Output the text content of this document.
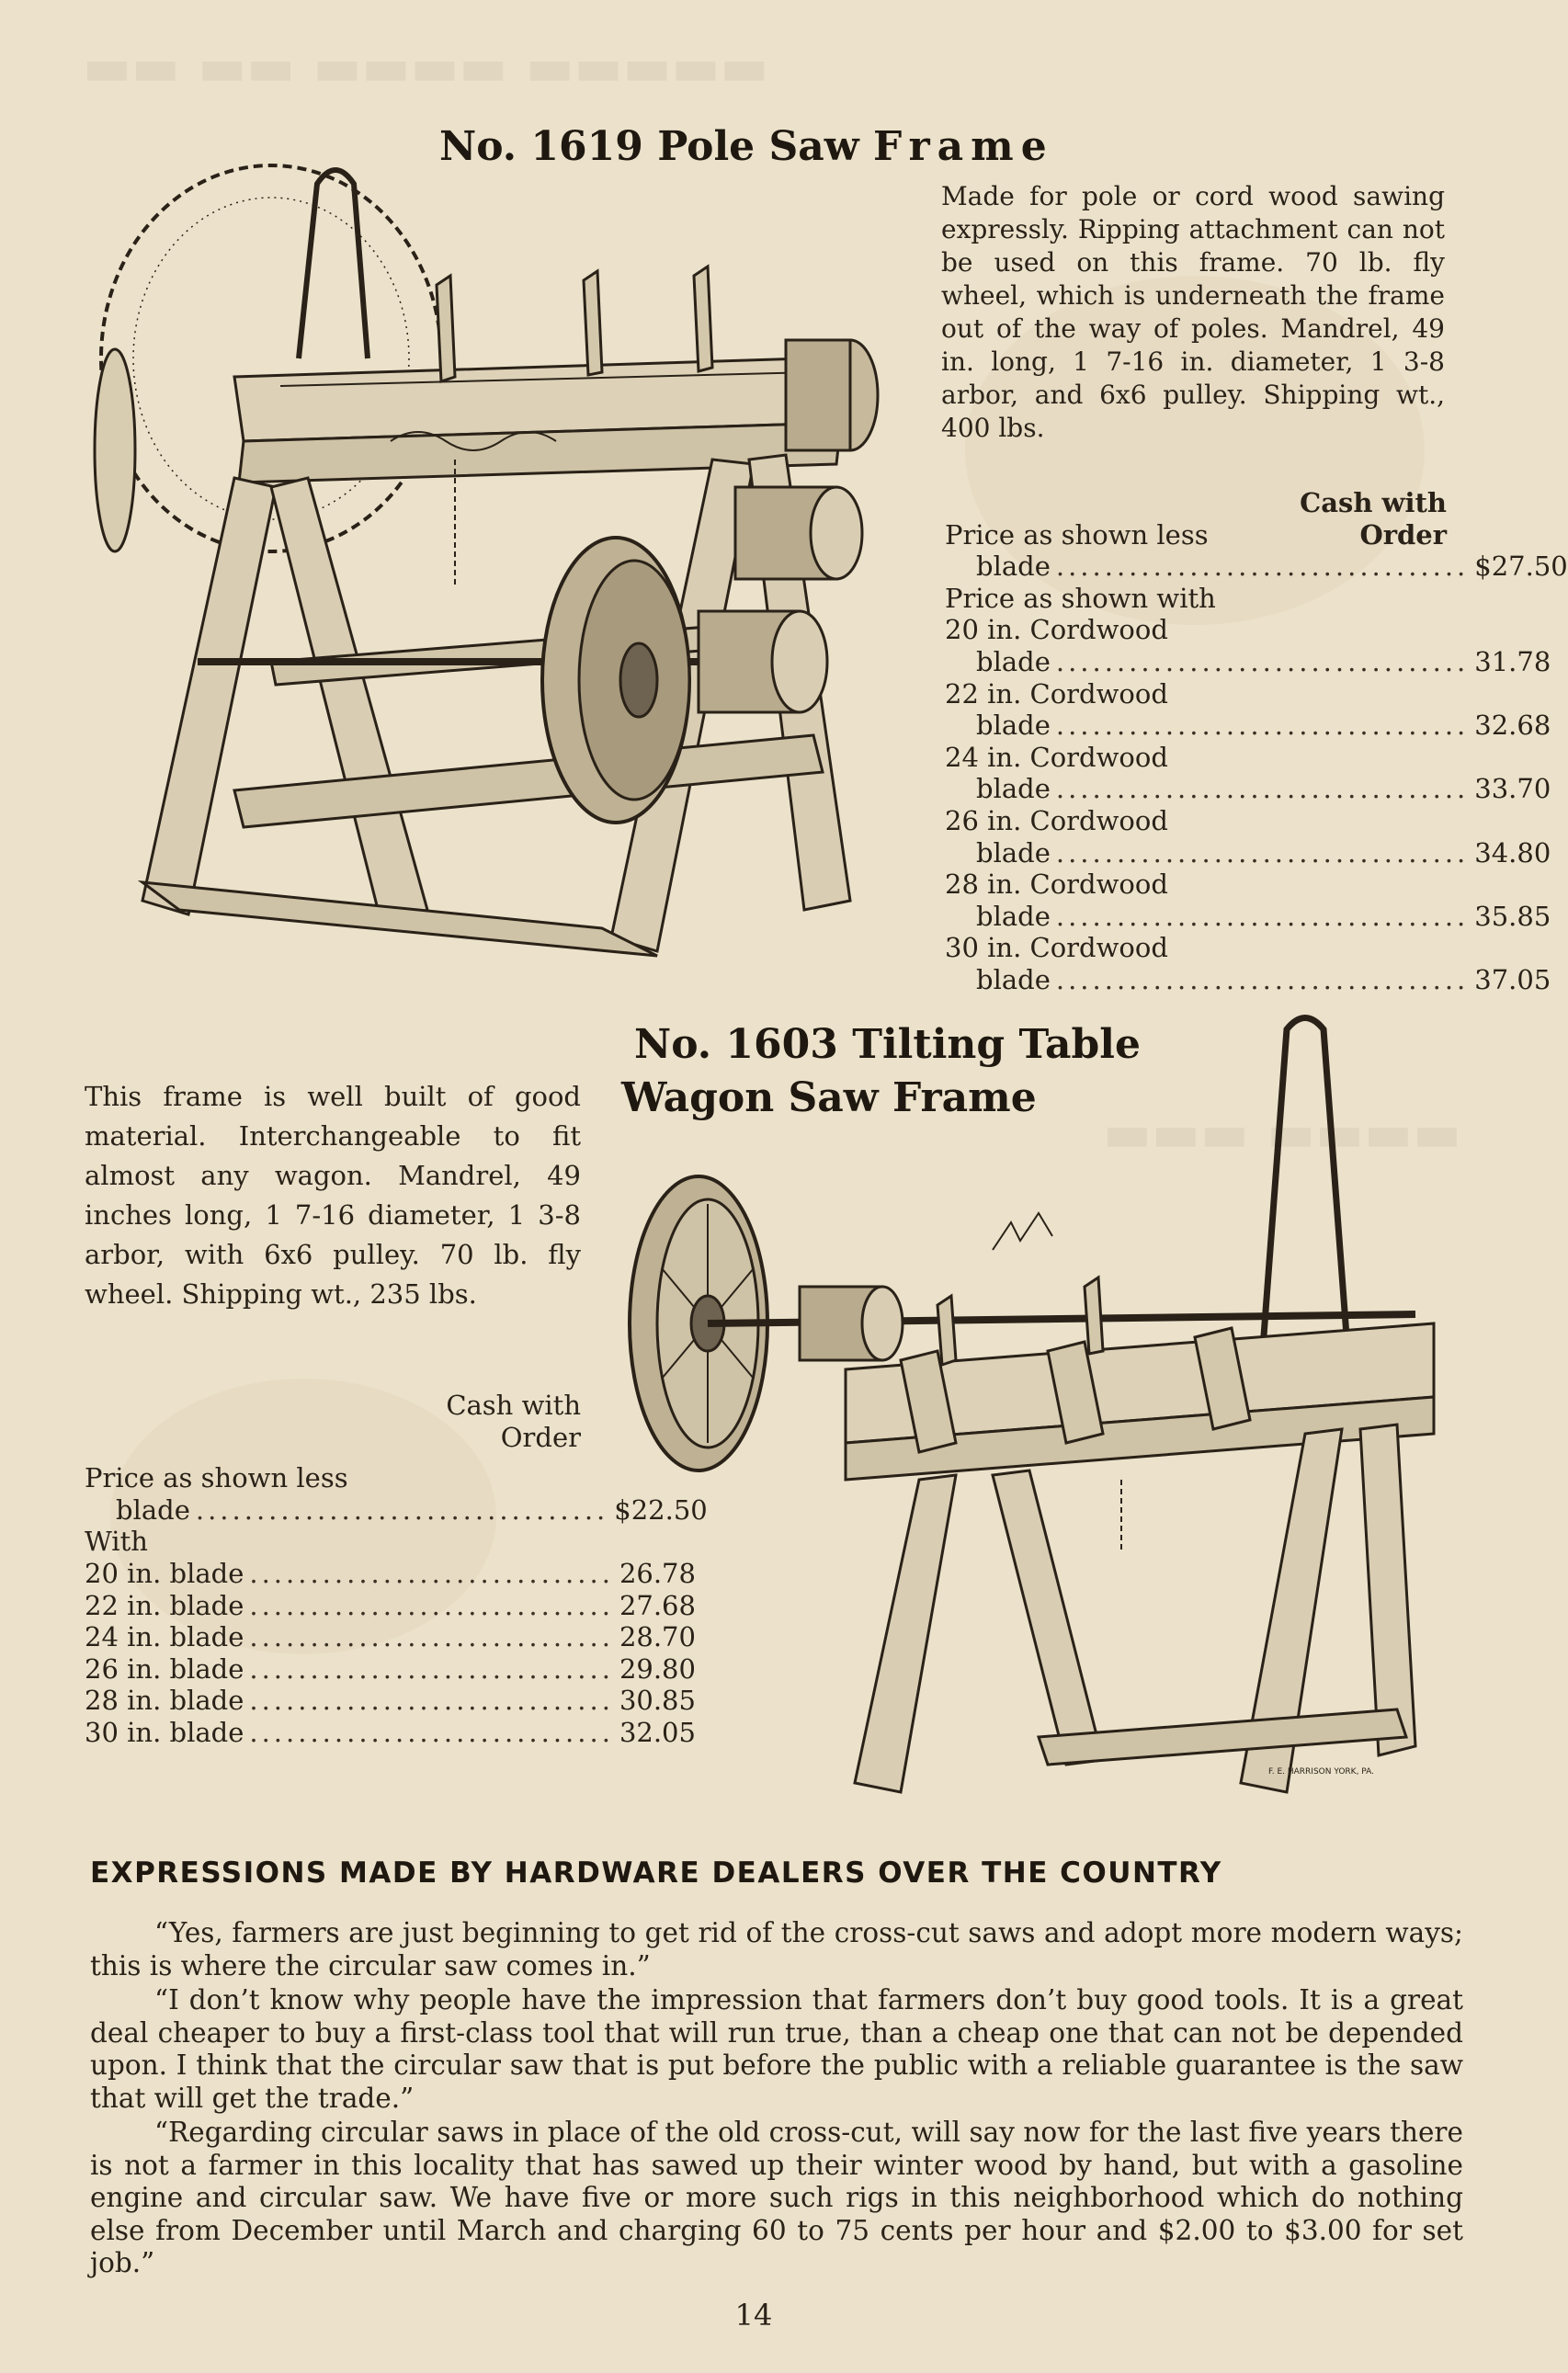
▬▬ ▬▬ ▬▬▬▬ ▬▬▬▬▬
▬▬▬ ▬▬▬▬
No. 1619 Pole Saw Frame
Made for pole or cord wood sawing expressly. Ripping attachment can not be used on this frame. 70 lb. fly wheel, which is underneath the frame out of the way of poles. Mandrel, 49 in. long, 1 7-16 in. diameter, 1 3-8 arbor, and 6x6 pulley. Shipping wt., 400 lbs.
Cash with
Price as shown less	Order
blade .................................. $27.50
Price as shown with
20 in. Cordwood
blade .................................. 31.78
22 in. Cordwood
blade .................................. 32.68
24 in. Cordwood
blade .................................. 33.70
26 in. Cordwood
blade .................................. 34.80
28 in. Cordwood
blade .................................. 35.85
30 in. Cordwood
blade .................................. 37.05
No. 1603 Tilting Table
Wagon Saw Frame
This frame is well built of good material. Interchangeable to fit almost any wagon. Mandrel, 49 inches long, 1 7-16 diameter, 1 3-8 arbor, with 6x6 pulley. 70 lb. fly wheel. Shipping wt., 235 lbs.
Cash with
Order
Price as shown less
blade .................................. $22.50
With
20 in. blade .............................. 26.78
22 in. blade .............................. 27.68
24 in. blade .............................. 28.70
26 in. blade .............................. 29.80
28 in. blade .............................. 30.85
30 in. blade .............................. 32.05
F. E. HARRISON YORK, PA.
EXPRESSIONS MADE BY HARDWARE DEALERS OVER THE COUNTRY

“Yes, farmers are just beginning to get rid of the cross-cut saws and adopt more modern ways; this is where the circular saw comes in.”

“I don’t know why people have the impression that farmers don’t buy good tools. It is a great deal cheaper to buy a first-class tool that will run true, than a cheap one that can not be depended upon. I think that the circular saw that is put before the public with a reliable guarantee is the saw that will get the trade.”

“Regarding circular saws in place of the old cross-cut, will say now for the last five years there is not a farmer in this locality that has sawed up their winter wood by hand, but with a gasoline engine and circular saw. We have five or more such rigs in this neighborhood which do nothing else from December until March and charging 60 to 75 cents per hour and $2.00 to $3.00 for set job.”

14
